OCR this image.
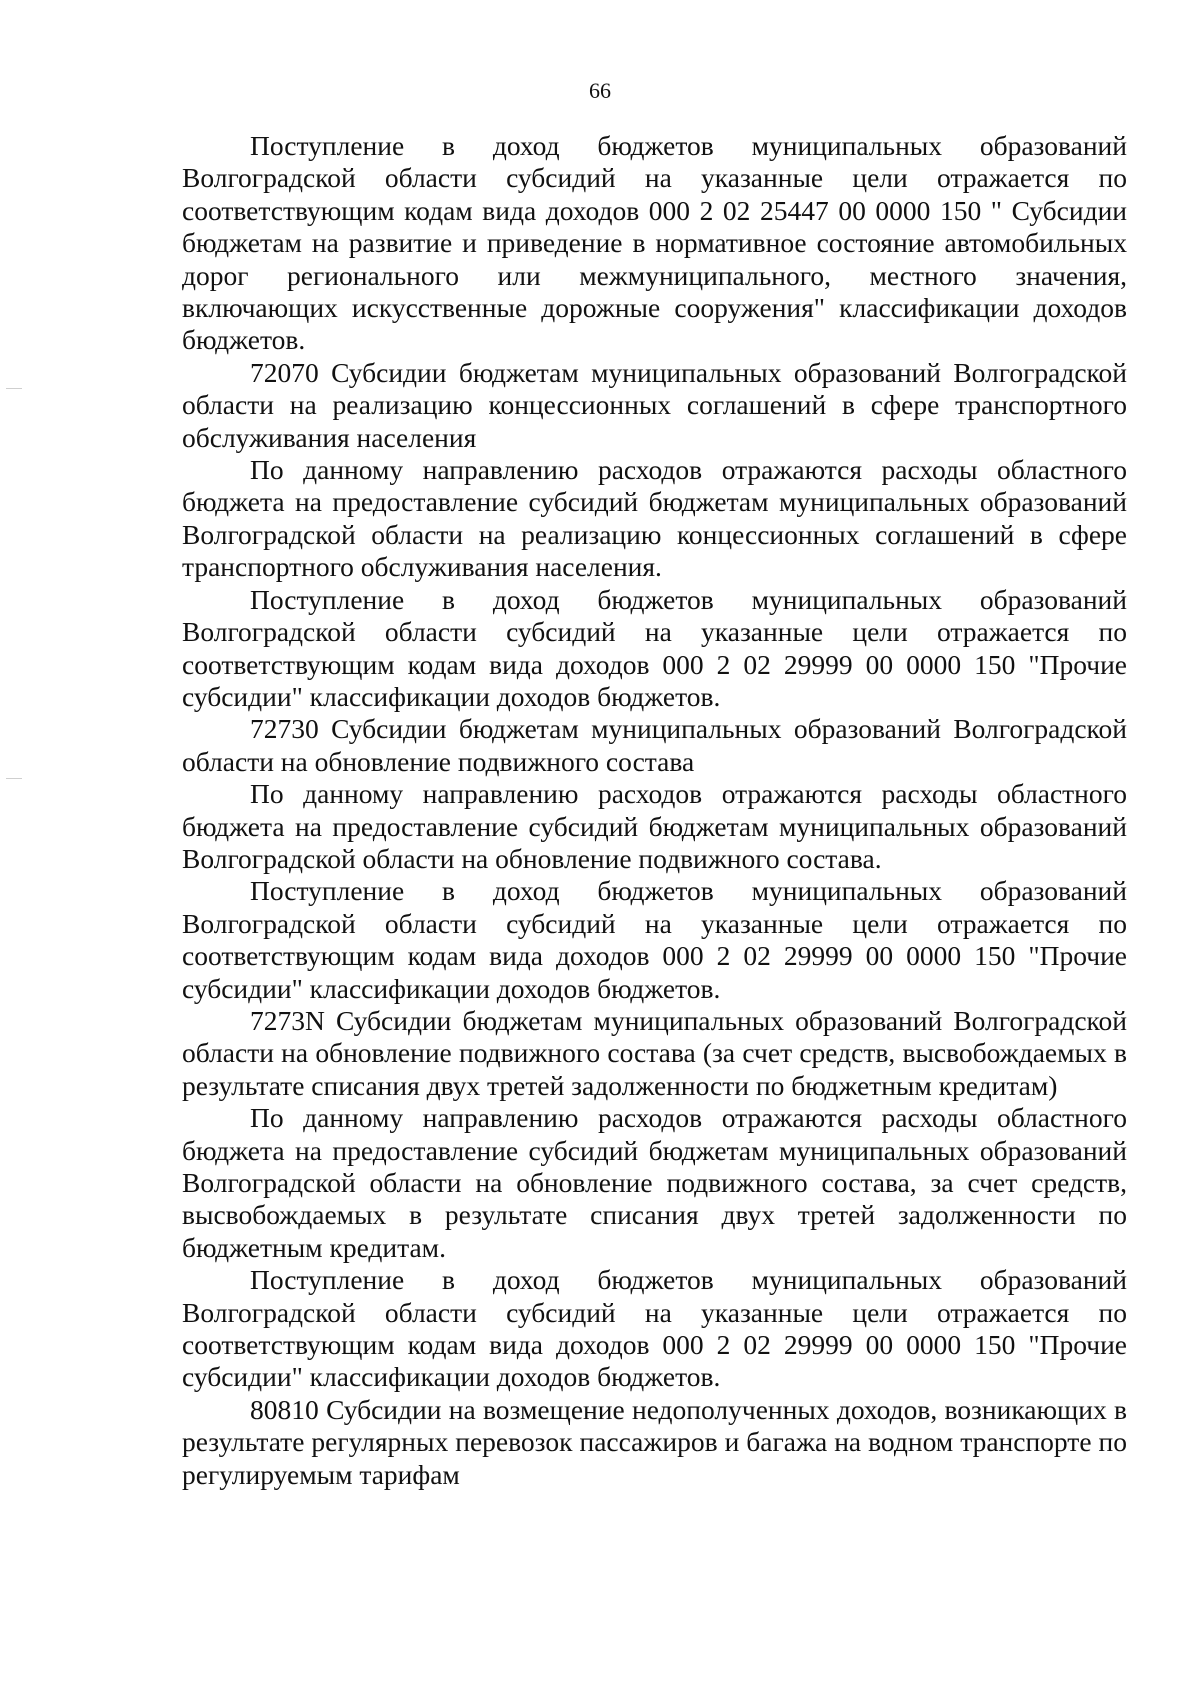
66

Поступление в доход бюджетов муниципальных образований Волгоградской области субсидий на указанные цели отражается по соответствующим кодам вида доходов 000 2 02 25447 00 0000 150 " Субсидии бюджетам на развитие и приведение в нормативное состояние автомобильных дорог регионального или межмуниципального, местного значения, включающих искусственные дорожные сооружения" классификации доходов бюджетов.

72070 Субсидии бюджетам муниципальных образований Волгоградской области на реализацию концессионных соглашений в сфере транспортного обслуживания населения

По данному направлению расходов отражаются расходы областного бюджета на предоставление субсидий бюджетам муниципальных образований Волгоградской области на реализацию концессионных соглашений в сфере транспортного обслуживания населения.

Поступление в доход бюджетов муниципальных образований Волгоградской области субсидий на указанные цели отражается по соответствующим кодам вида доходов 000 2 02 29999 00 0000 150 "Прочие субсидии" классификации доходов бюджетов.

72730 Субсидии бюджетам муниципальных образований Волгоградской области на обновление подвижного состава

По данному направлению расходов отражаются расходы областного бюджета на предоставление субсидий бюджетам муниципальных образований Волгоградской области на обновление подвижного состава.

Поступление в доход бюджетов муниципальных образований Волгоградской области субсидий на указанные цели отражается по соответствующим кодам вида доходов 000 2 02 29999 00 0000 150 "Прочие субсидии" классификации доходов бюджетов.

7273N Субсидии бюджетам муниципальных образований Волгоградской области на обновление подвижного состава (за счет средств, высвобождаемых в результате списания двух третей задолженности по бюджетным кредитам)

По данному направлению расходов отражаются расходы областного бюджета на предоставление субсидий бюджетам муниципальных образований Волгоградской области на обновление подвижного состава, за счет средств, высвобождаемых в результате списания двух третей задолженности по бюджетным кредитам.

Поступление в доход бюджетов муниципальных образований Волгоградской области субсидий на указанные цели отражается по соответствующим кодам вида доходов 000 2 02 29999 00 0000 150 "Прочие субсидии" классификации доходов бюджетов.

80810 Субсидии на возмещение недополученных доходов, возникающих в результате регулярных перевозок пассажиров и багажа на водном транспорте по регулируемым тарифам
